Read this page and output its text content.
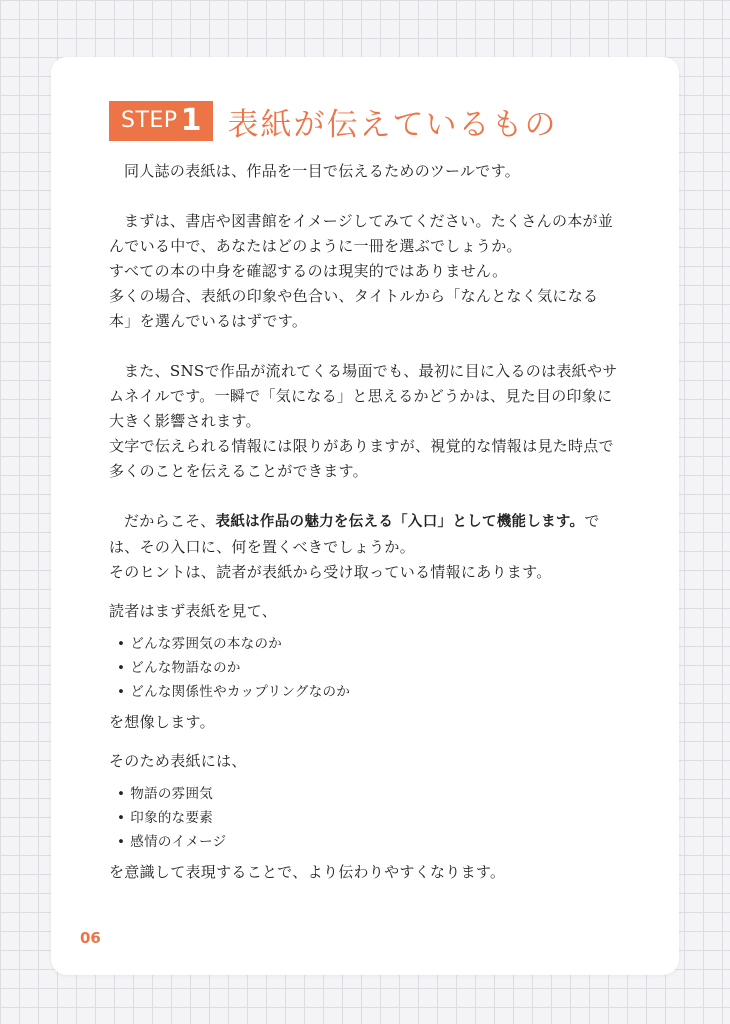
STEP 1 表紙が伝えているもの

同人誌の表紙は、作品を一目で伝えるためのツールです。

まずは、書店や図書館をイメージしてみてください。たくさんの本が並んでいる中で、あなたはどのように一冊を選ぶでしょうか。

すべての本の中身を確認するのは現実的ではありません。

多くの場合、表紙の印象や色合い、タイトルから「なんとなく気になる本」を選んでいるはずです。

また、SNSで作品が流れてくる場面でも、最初に目に入るのは表紙やサムネイルです。一瞬で「気になる」と思えるかどうかは、見た目の印象に大きく影響されます。

文字で伝えられる情報には限りがありますが、視覚的な情報は見た時点で多くのことを伝えることができます。

だからこそ、表紙は作品の魅力を伝える「入口」として機能します。では、その入口に、何を置くべきでしょうか。

そのヒントは、読者が表紙から受け取っている情報にあります。

読者はまず表紙を見て、

• どんな雰囲気の本なのか
• どんな物語なのか
• どんな関係性やカップリングなのか

を想像します。

そのため表紙には、

• 物語の雰囲気
• 印象的な要素
• 感情のイメージ

を意識して表現することで、より伝わりやすくなります。

06
